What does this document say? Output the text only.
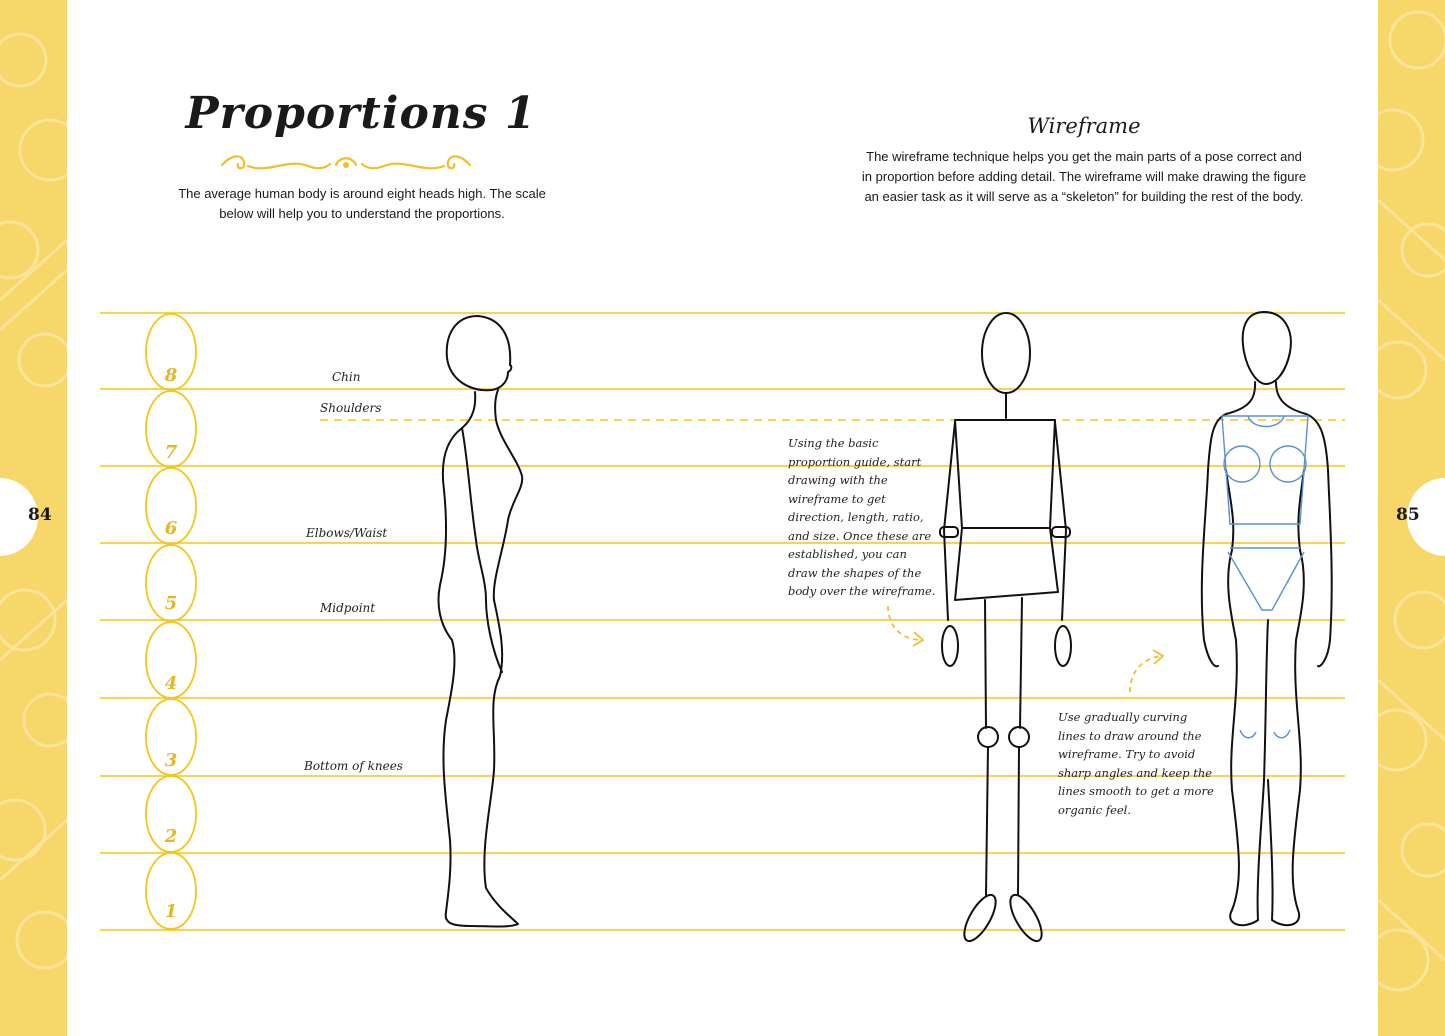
84	85
Proportions 1
The average human body is around eight heads high. The scale below will help you to understand the proportions.
Wireframe
The wireframe technique helps you get the main parts of a pose correct and in proportion before adding detail. The wireframe will make drawing the figure an easier task as it will serve as a “skeleton” for building the rest of the body.
8
7
6
5
4
3
2
1
Chin
Shoulders
Elbows/Waist
Midpoint
Bottom of knees
Using the basic proportion guide, start drawing with the wireframe to get direction, length, ratio, and size. Once these are established, you can draw the shapes of the body over the wireframe.
Use gradually curving lines to draw around the wireframe. Try to avoid sharp angles and keep the lines smooth to get a more organic feel.
